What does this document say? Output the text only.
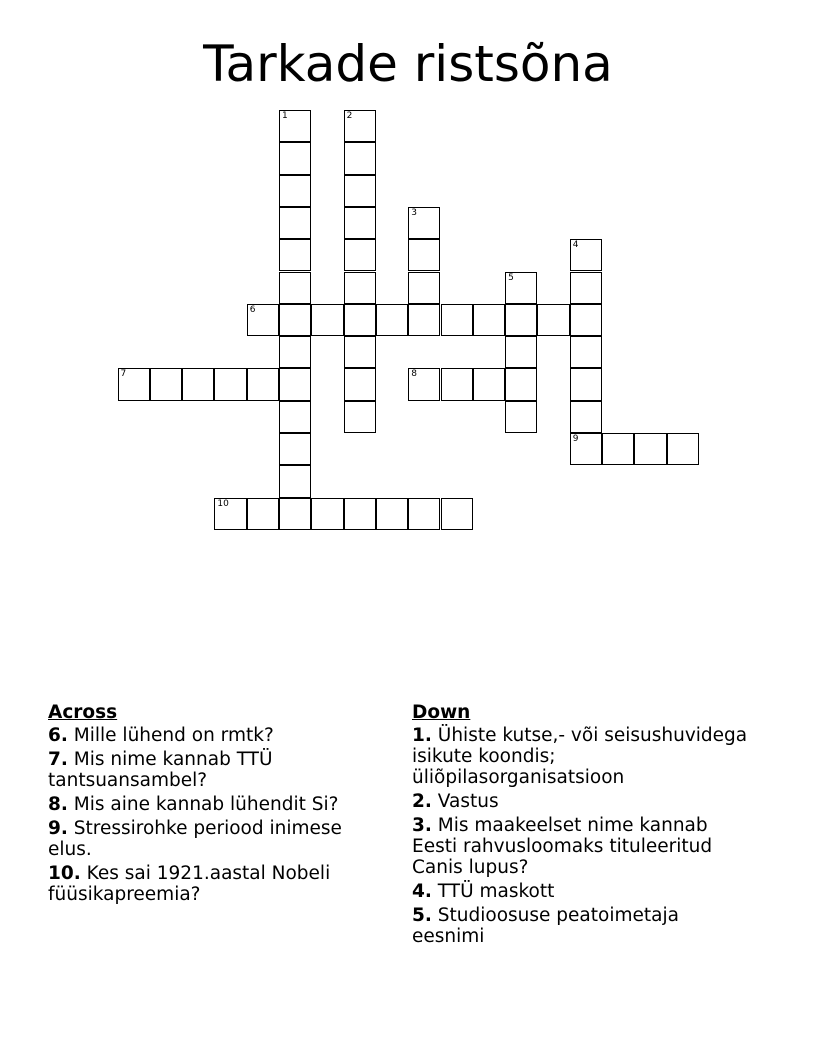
Tarkade ristsõna
1	2
3
4
9
5
6
7	8
10
Across
6. Mille lühend on rmtk?
7. Mis nime kannab TTÜ tantsuansambel?
8. Mis aine kannab lühendit Si?
9. Stressirohke periood inimese elus.
10. Kes sai 1921.aastal Nobeli füüsikapreemia?
Down
1. Ühiste kutse,- või seisushuvidega isikute koondis; üliõpilasorganisatsioon
2. Vastus
3. Mis maakeelset nime kannab Eesti rahvusloomaks tituleeritud Canis lupus?
4. TTÜ maskott
5. Studioosuse peatoimetaja eesnimi
